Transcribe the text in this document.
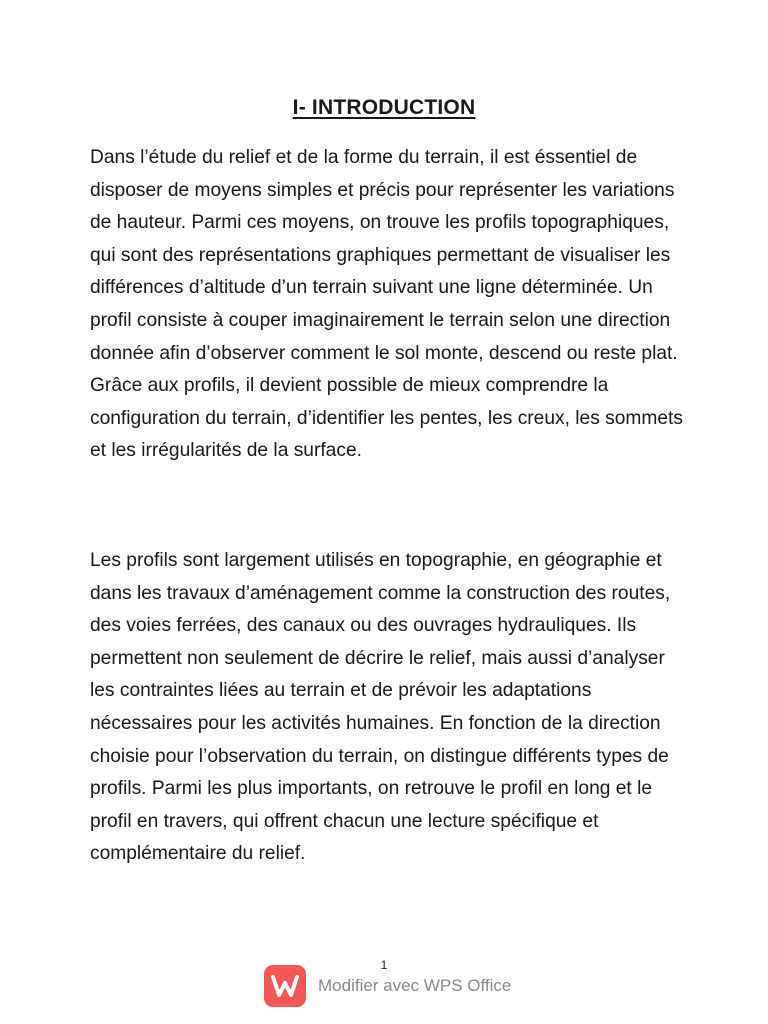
I- INTRODUCTION

Dans l’étude du relief et de la forme du terrain, il est éssentiel de disposer de moyens simples et précis pour représenter les variations de hauteur. Parmi ces moyens, on trouve les profils topographiques, qui sont des représentations graphiques permettant de visualiser les différences d’altitude d’un terrain suivant une ligne déterminée. Un profil consiste à couper imaginairement le terrain selon une direction donnée afin d’observer comment le sol monte, descend ou reste plat. Grâce aux profils, il devient possible de mieux comprendre la configuration du terrain, d’identifier les pentes, les creux, les sommets et les irrégularités de la surface.

Les profils sont largement utilisés en topographie, en géographie et dans les travaux d’aménagement comme la construction des routes, des voies ferrées, des canaux ou des ouvrages hydrauliques. Ils permettent non seulement de décrire le relief, mais aussi d’analyser les contraintes liées au terrain et de prévoir les adaptations nécessaires pour les activités humaines. En fonction de la direction choisie pour l’observation du terrain, on distingue différents types de profils. Parmi les plus importants, on retrouve le profil en long et le profil en travers, qui offrent chacun une lecture spécifique et complémentaire du relief.

1
Modifier avec WPS Office
